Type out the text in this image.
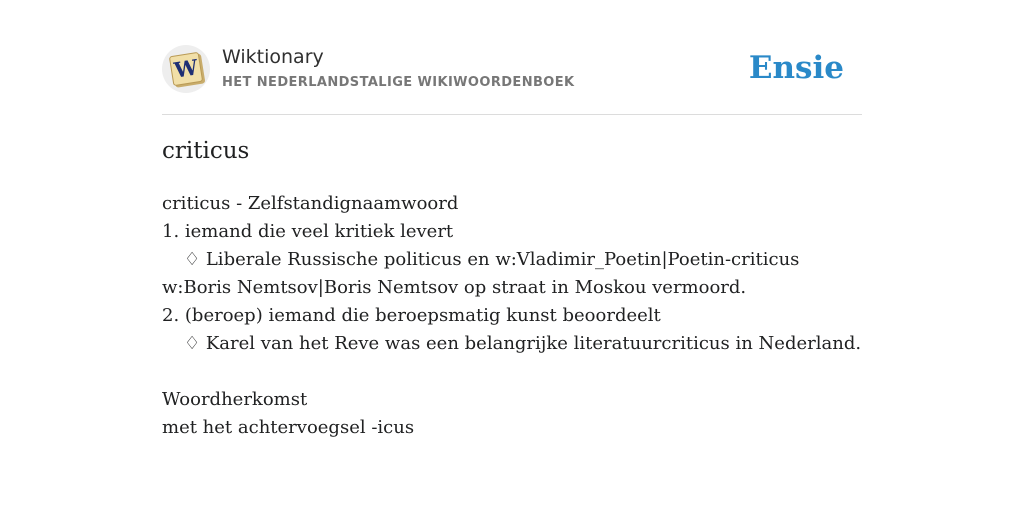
W Wiktionary
HET NEDERLANDSTALIGE WIKIWOORDENBOEK	Ensie
criticus
criticus - Zelfstandignaamwoord
1. iemand die veel kritiek levert
♢ Liberale Russische politicus en w:Vladimir_Poetin|Poetin-criticus w:Boris Nemtsov|Boris Nemtsov op straat in Moskou vermoord.
2. (beroep) iemand die beroepsmatig kunst beoordeelt
♢ Karel van het Reve was een belangrijke literatuurcriticus in Nederland.
Woordherkomst
met het achtervoegsel -icus
